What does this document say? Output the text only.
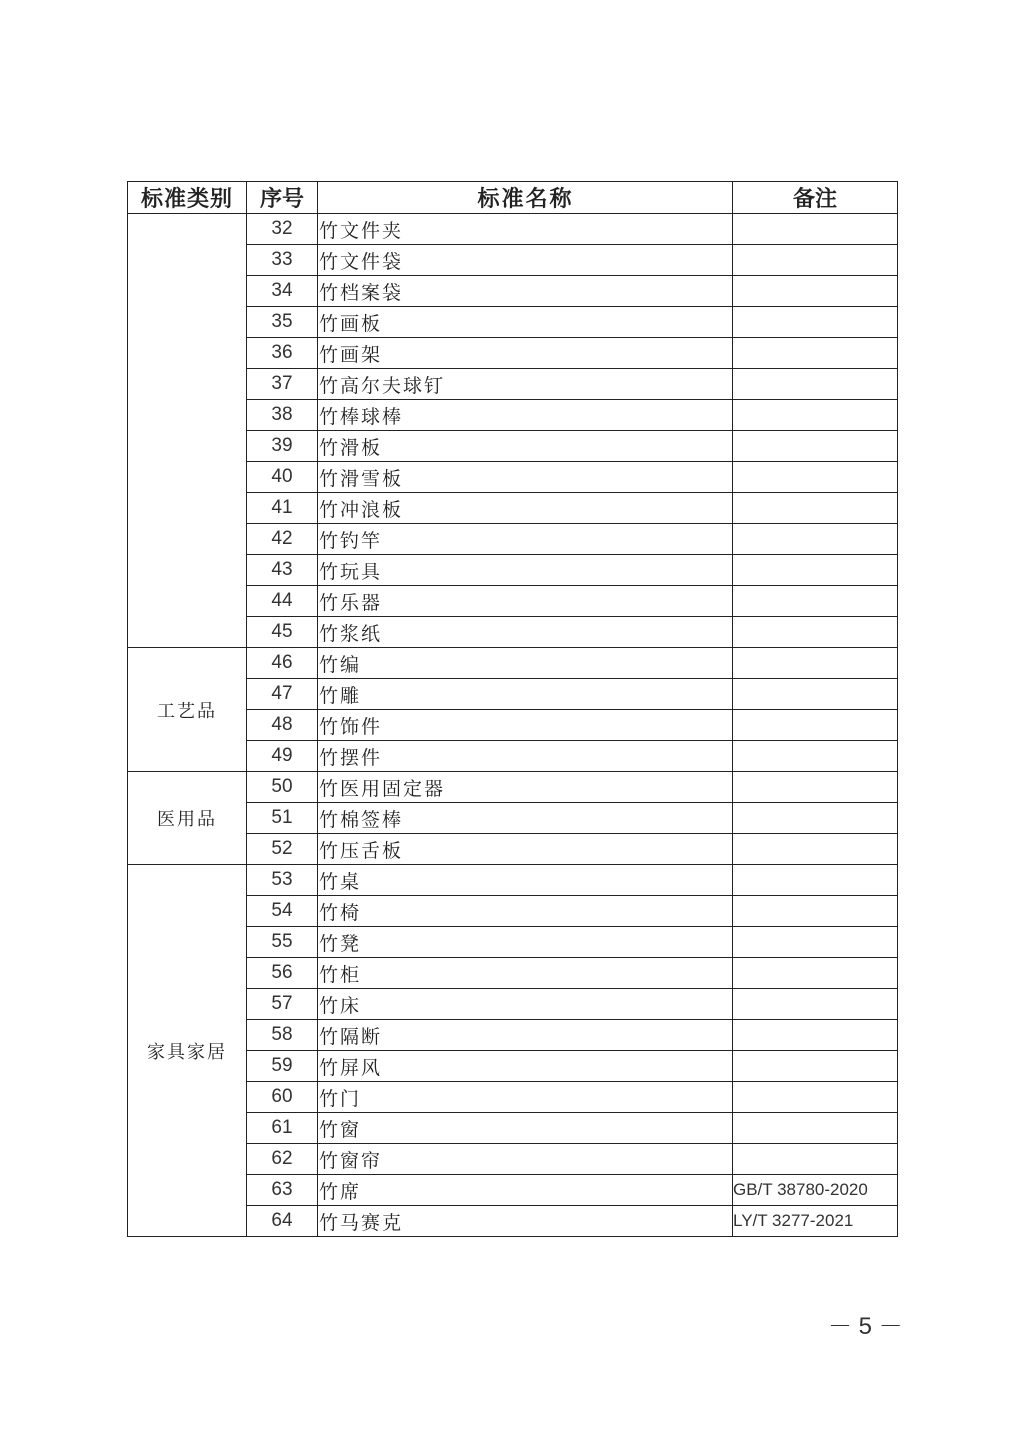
标准类别	序号	标准名称	备注
	32	竹文件夹	
	33	竹文件袋	
	34	竹档案袋	
	35	竹画板	
	36	竹画架	
	37	竹高尔夫球钉	
	38	竹棒球棒	
	39	竹滑板	
	40	竹滑雪板	
	41	竹冲浪板	
	42	竹钓竿	
	43	竹玩具	
	44	竹乐器	
	45	竹浆纸	
工艺品	46	竹编	
	47	竹雕	
	48	竹饰件	
	49	竹摆件	
医用品	50	竹医用固定器	
	51	竹棉签棒	
	52	竹压舌板	
家具家居	53	竹桌	
	54	竹椅	
	55	竹凳	
	56	竹柜	
	57	竹床	
	58	竹隔断	
	59	竹屏风	
	60	竹门	
	61	竹窗	
	62	竹窗帘	
	63	竹席	GB/T 38780-2020
	64	竹马赛克	LY/T 3277-2021
－ 5 －
